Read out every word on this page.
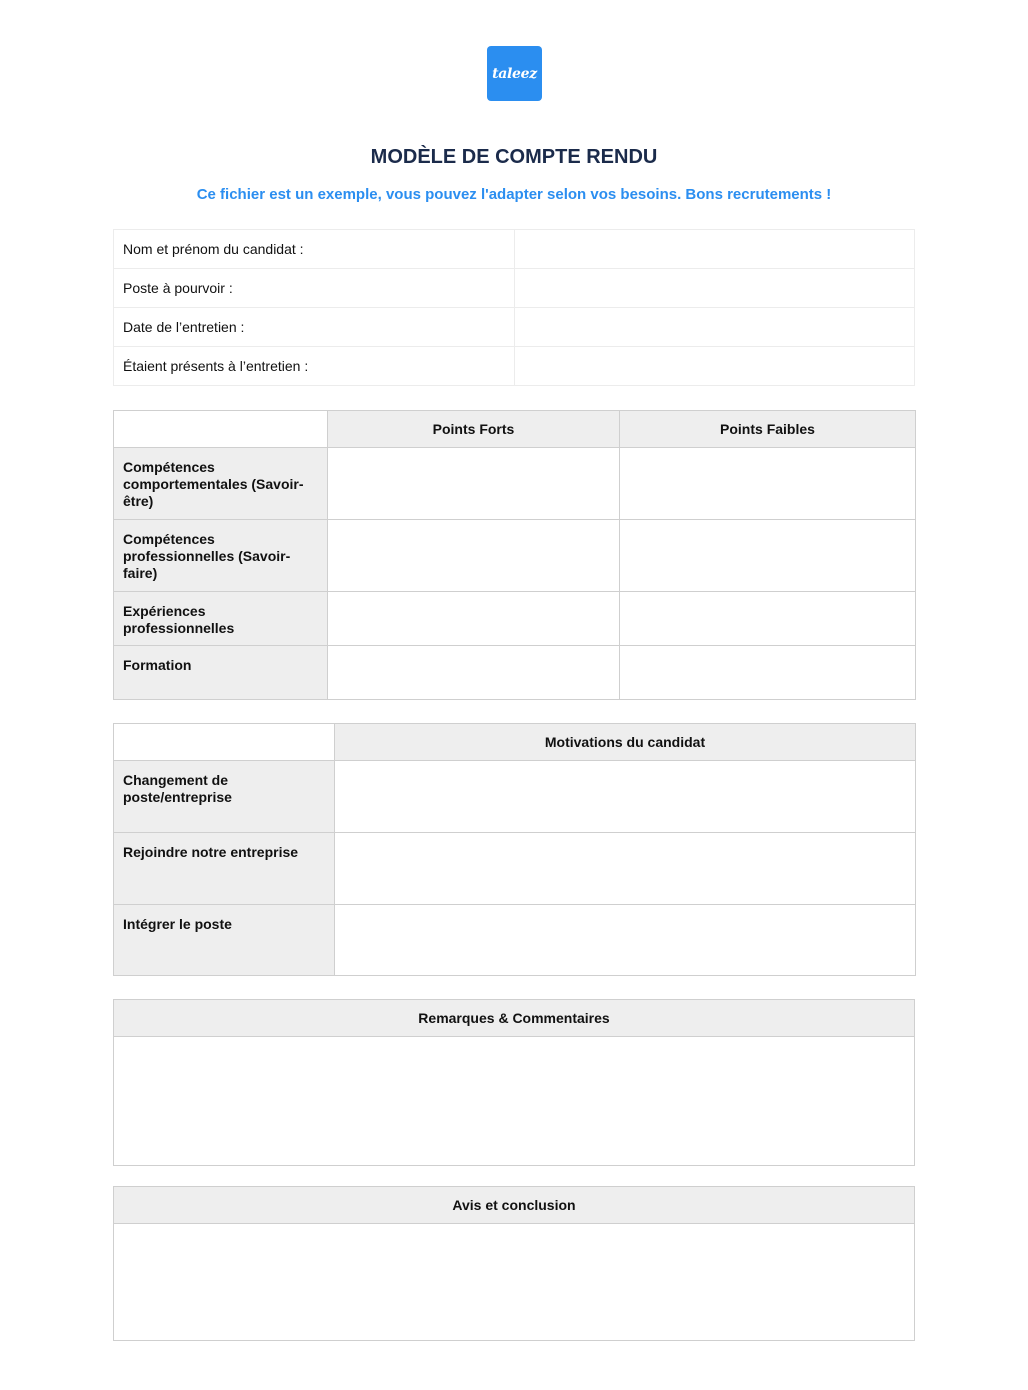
taleez
MODÈLE DE COMPTE RENDU

Ce fichier est un exemple, vous pouvez l'adapter selon vos besoins. Bons recrutements !

Nom et prénom du candidat :	
Poste à pourvoir :	
Date de l’entretien :	
Étaient présents à l’entretien :	
	Points Forts	Points Faibles
Compétences comportementales (Savoir-être)		
Compétences professionnelles (Savoir-faire)		
Expériences professionnelles		
Formation		
	Motivations du candidat
Changement de poste/entreprise	
Rejoindre notre entreprise	
Intégrer le poste	
Remarques & Commentaires

Avis et conclusion
